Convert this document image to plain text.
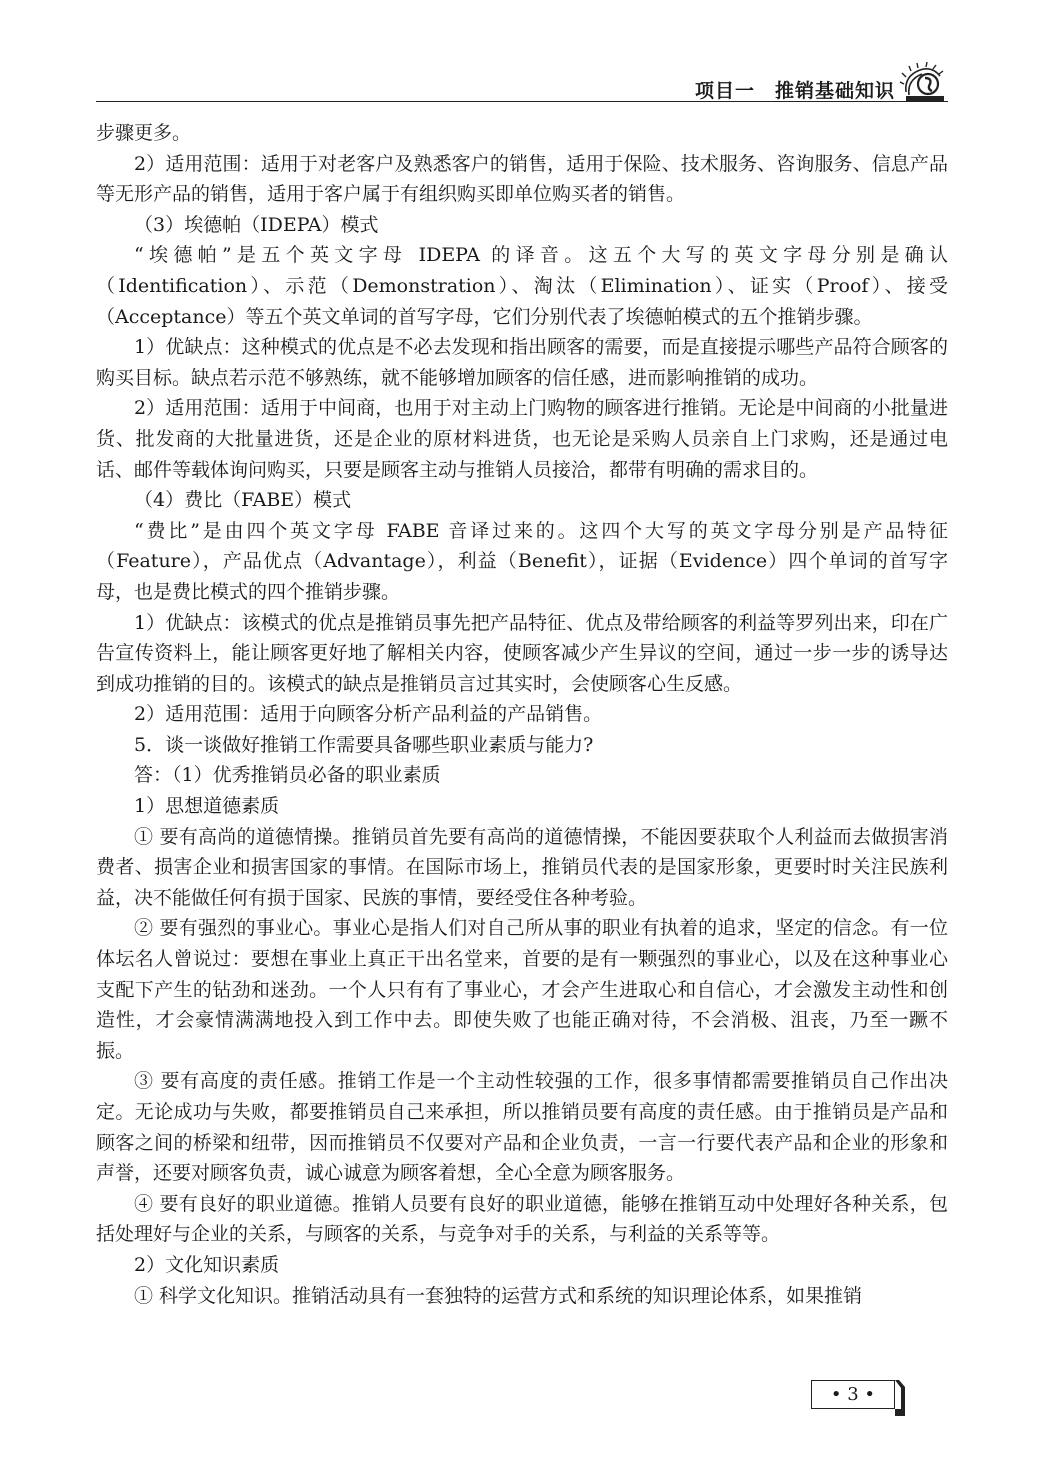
项目一　推销基础知识

步骤更多。

2）适用范围：适用于对老客户及熟悉客户的销售，适用于保险、技术服务、咨询服务、信息产品等无形产品的销售，适用于客户属于有组织购买即单位购买者的销售。

（3）埃德帕（IDEPA）模式

“埃德帕”是五个英文字母 IDEPA 的译音。这五个大写的英文字母分别是确认（Identification）、示范（Demonstration）、淘汰（Elimination）、证实（Proof）、接受（Acceptance）等五个英文单词的首写字母，它们分别代表了埃德帕模式的五个推销步骤。

1）优缺点：这种模式的优点是不必去发现和指出顾客的需要，而是直接提示哪些产品符合顾客的购买目标。缺点若示范不够熟练，就不能够增加顾客的信任感，进而影响推销的成功。

2）适用范围：适用于中间商，也用于对主动上门购物的顾客进行推销。无论是中间商的小批量进货、批发商的大批量进货，还是企业的原材料进货，也无论是采购人员亲自上门求购，还是通过电话、邮件等载体询问购买，只要是顾客主动与推销人员接洽，都带有明确的需求目的。

（4）费比（FABE）模式

“费比”是由四个英文字母 FABE 音译过来的。这四个大写的英文字母分别是产品特征（Feature），产品优点（Advantage），利益（Benefit），证据（Evidence）四个单词的首写字母，也是费比模式的四个推销步骤。

1）优缺点：该模式的优点是推销员事先把产品特征、优点及带给顾客的利益等罗列出来，印在广告宣传资料上，能让顾客更好地了解相关内容，使顾客减少产生异议的空间，通过一步一步的诱导达到成功推销的目的。该模式的缺点是推销员言过其实时，会使顾客心生反感。

2）适用范围：适用于向顾客分析产品利益的产品销售。

5．谈一谈做好推销工作需要具备哪些职业素质与能力?

答：（1）优秀推销员必备的职业素质

1）思想道德素质

① 要有高尚的道德情操。推销员首先要有高尚的道德情操，不能因要获取个人利益而去做损害消费者、损害企业和损害国家的事情。在国际市场上，推销员代表的是国家形象，更要时时关注民族利益，决不能做任何有损于国家、民族的事情，要经受住各种考验。

② 要有强烈的事业心。事业心是指人们对自己所从事的职业有执着的追求，坚定的信念。有一位体坛名人曾说过：要想在事业上真正干出名堂来，首要的是有一颗强烈的事业心，以及在这种事业心支配下产生的钻劲和迷劲。一个人只有有了事业心，才会产生进取心和自信心，才会激发主动性和创造性，才会豪情满满地投入到工作中去。即使失败了也能正确对待，不会消极、沮丧，乃至一蹶不振。

③ 要有高度的责任感。推销工作是一个主动性较强的工作，很多事情都需要推销员自己作出决定。无论成功与失败，都要推销员自己来承担，所以推销员要有高度的责任感。由于推销员是产品和顾客之间的桥梁和纽带，因而推销员不仅要对产品和企业负责，一言一行要代表产品和企业的形象和声誉，还要对顾客负责，诚心诚意为顾客着想，全心全意为顾客服务。

④ 要有良好的职业道德。推销人员要有良好的职业道德，能够在推销互动中处理好各种关系，包括处理好与企业的关系，与顾客的关系，与竞争对手的关系，与利益的关系等等。

2）文化知识素质

① 科学文化知识。推销活动具有一套独特的运营方式和系统的知识理论体系，如果推销

• 3 •
